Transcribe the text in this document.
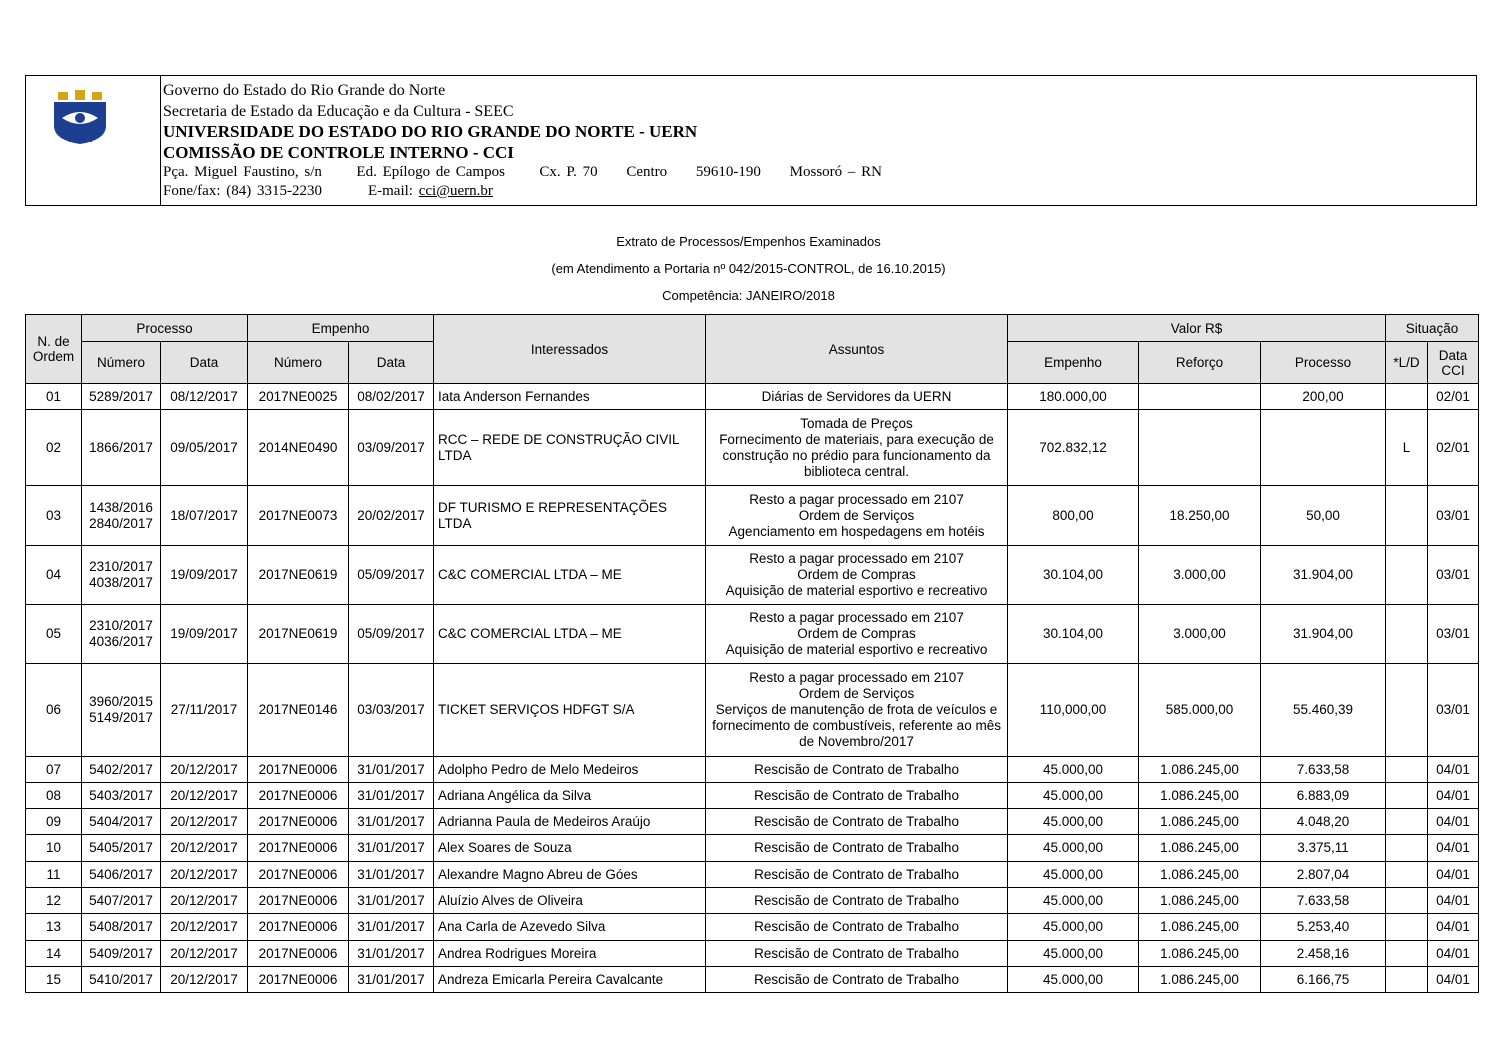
UERN
Governo do Estado do Rio Grande do Norte
Secretaria de Estado da Educação e da Cultura - SEEC
UNIVERSIDADE DO ESTADO DO RIO GRANDE DO NORTE - UERN
COMISSÃO DE CONTROLE INTERNO - CCI
Pça. Miguel Faustino, s/n      Ed. Epílogo de Campos      Cx. P. 70     Centro     59610-190     Mossoró – RN
Fone/fax: (84) 3315-2230        E-mail: cci@uern.br
Extrato de Processos/Empenhos Examinados
(em Atendimento a Portaria nº 042/2015-CONTROL, de 16.10.2015)
Competência: JANEIRO/2018
N. de Ordem	Processo		Empenho		Interessados	Assuntos	Valor R$			Situação	
	Número	Data	Número	Data			Empenho	Reforço	Processo	*L/D	Data CCI
01	5289/2017	08/12/2017	2017NE0025	08/02/2017	Iata Anderson Fernandes	Diárias de Servidores da UERN	180.000,00		200,00		02/01
02	1866/2017	09/05/2017	2014NE0490	03/09/2017	RCC – REDE DE CONSTRUÇÃO CIVIL LTDA	Tomada de Preços
Fornecimento de materiais, para execução de construção no prédio para funcionamento da biblioteca central.	702.832,12			L	02/01
03	1438/2016
2840/2017	18/07/2017	2017NE0073	20/02/2017	DF TURISMO E REPRESENTAÇÕES LTDA	Resto a pagar processado em 2107
Ordem de Serviços
Agenciamento em hospedagens em hotéis	800,00	18.250,00	50,00		03/01
04	2310/2017
4038/2017	19/09/2017	2017NE0619	05/09/2017	C&C COMERCIAL LTDA – ME	Resto a pagar processado em 2107
Ordem de Compras
Aquisição de material esportivo e recreativo	30.104,00	3.000,00	31.904,00		03/01
05	2310/2017
4036/2017	19/09/2017	2017NE0619	05/09/2017	C&C COMERCIAL LTDA – ME	Resto a pagar processado em 2107
Ordem de Compras
Aquisição de material esportivo e recreativo	30.104,00	3.000,00	31.904,00		03/01
06	3960/2015
5149/2017	27/11/2017	2017NE0146	03/03/2017	TICKET SERVIÇOS HDFGT S/A	Resto a pagar processado em 2107
Ordem de Serviços
Serviços de manutenção de frota de veículos e fornecimento de combustíveis, referente ao mês de Novembro/2017	110,000,00	585.000,00	55.460,39		03/01
07	5402/2017	20/12/2017	2017NE0006	31/01/2017	Adolpho Pedro de Melo Medeiros	Rescisão de Contrato de Trabalho	45.000,00	1.086.245,00	7.633,58		04/01
08	5403/2017	20/12/2017	2017NE0006	31/01/2017	Adriana Angélica da Silva	Rescisão de Contrato de Trabalho	45.000,00	1.086.245,00	6.883,09		04/01
09	5404/2017	20/12/2017	2017NE0006	31/01/2017	Adrianna Paula de Medeiros Araújo	Rescisão de Contrato de Trabalho	45.000,00	1.086.245,00	4.048,20		04/01
10	5405/2017	20/12/2017	2017NE0006	31/01/2017	Alex Soares de Souza	Rescisão de Contrato de Trabalho	45.000,00	1.086.245,00	3.375,11		04/01
11	5406/2017	20/12/2017	2017NE0006	31/01/2017	Alexandre Magno Abreu de Góes	Rescisão de Contrato de Trabalho	45.000,00	1.086.245,00	2.807,04		04/01
12	5407/2017	20/12/2017	2017NE0006	31/01/2017	Aluízio Alves de Oliveira	Rescisão de Contrato de Trabalho	45.000,00	1.086.245,00	7.633,58		04/01
13	5408/2017	20/12/2017	2017NE0006	31/01/2017	Ana Carla de Azevedo Silva	Rescisão de Contrato de Trabalho	45.000,00	1.086.245,00	5.253,40		04/01
14	5409/2017	20/12/2017	2017NE0006	31/01/2017	Andrea Rodrigues Moreira	Rescisão de Contrato de Trabalho	45.000,00	1.086.245,00	2.458,16		04/01
15	5410/2017	20/12/2017	2017NE0006	31/01/2017	Andreza Emicarla Pereira Cavalcante	Rescisão de Contrato de Trabalho	45.000,00	1.086.245,00	6.166,75		04/01
